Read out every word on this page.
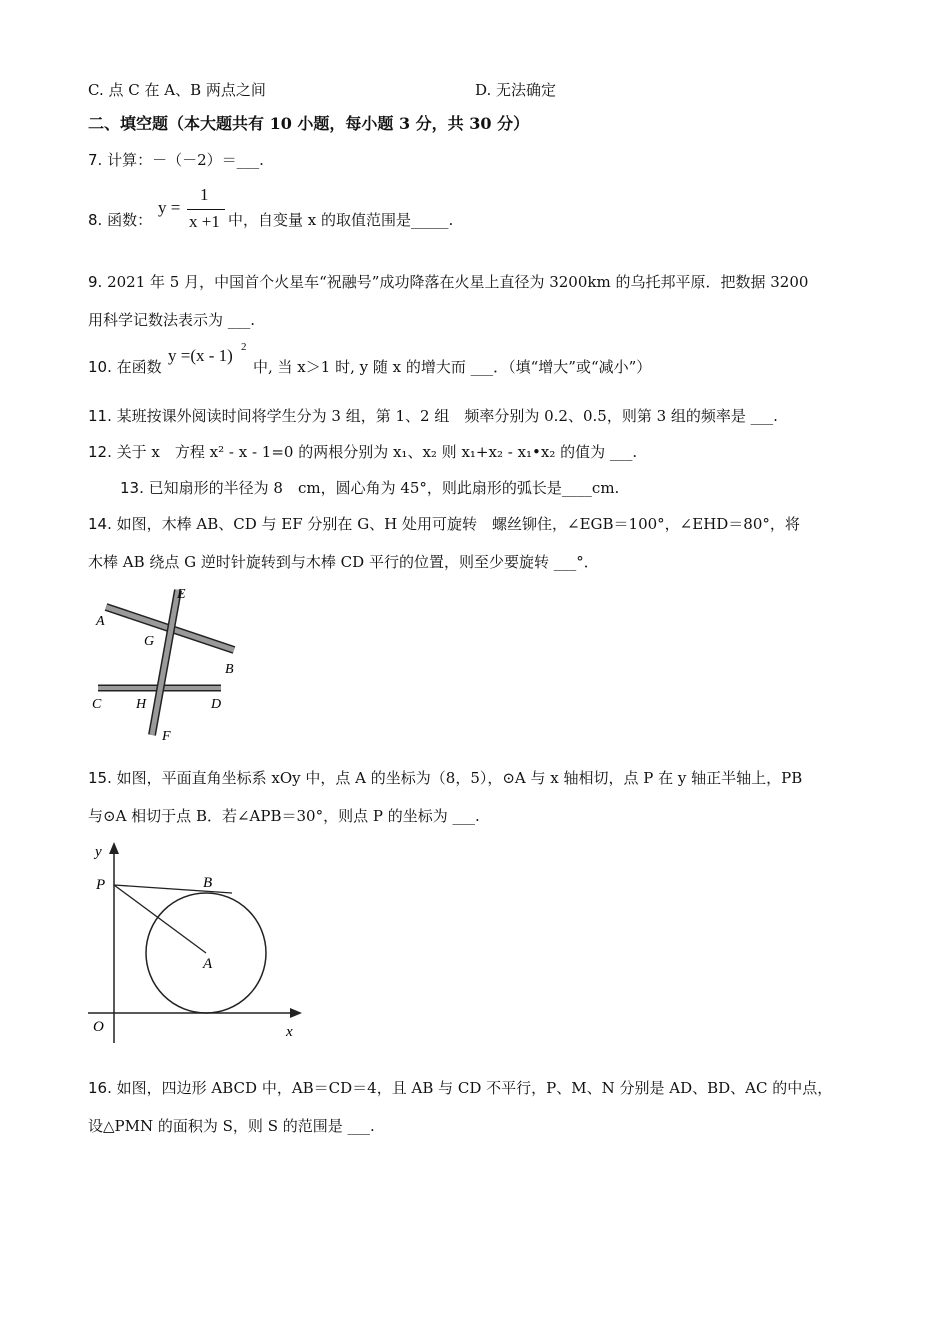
C. 点 C 在 A、B 两点之间	D. 无法确定
二、填空题（本大题共有 10 小题，每小题 3 分，共 30 分）
7. 计算：－（－2）＝___.
8. 函数：
y =
1
x +1 中，自变量 x 的取值范围是_____.
9. 2021 年 5 月，中国首个火星车“祝融号”成功降落在火星上直径为 3200km 的乌托邦平原．把数据 3200
用科学记数法表示为 ___.
10. 在函数
y =(x - 1) 2
中, 当 x＞1 时, y 随 x 的增大而 ___．（填“增大”或“减小”）
11. 某班按课外阅读时间将学生分为 3 组，第 1、2 组　频率分别为 0.2、0.5，则第 3 组的频率是 ___.
12. 关于 x　方程 x² - x - 1=0 的两根分别为 x₁、x₂ 则 x₁+x₂ - x₁•x₂ 的值为 ___.
13. 已知扇形的半径为 8　cm，圆心角为 45°，则此扇形的弧长是____cm.
14. 如图，木棒 AB、CD 与 EF 分别在 G、H 处用可旋转　螺丝铆住，∠EGB＝100°，∠EHD＝80°，将
木棒 AB 绕点 G 逆时针旋转到与木棒 CD 平行的位置，则至少要旋转 ___°．
A
E
G
B
C H	D
F
15. 如图，平面直角坐标系 xOy 中，点 A 的坐标为（8，5），⊙A 与 x 轴相切，点 P 在 y 轴正半轴上，PB
与⊙A 相切于点 B．若∠APB＝30°，则点 P 的坐标为 ___.
y
P	B
A
O	x
16. 如图，四边形 ABCD 中，AB＝CD＝4，且 AB 与 CD 不平行，P、M、N 分别是 AD、BD、AC 的中点，
设△PMN 的面积为 S，则 S 的范围是 ___.
